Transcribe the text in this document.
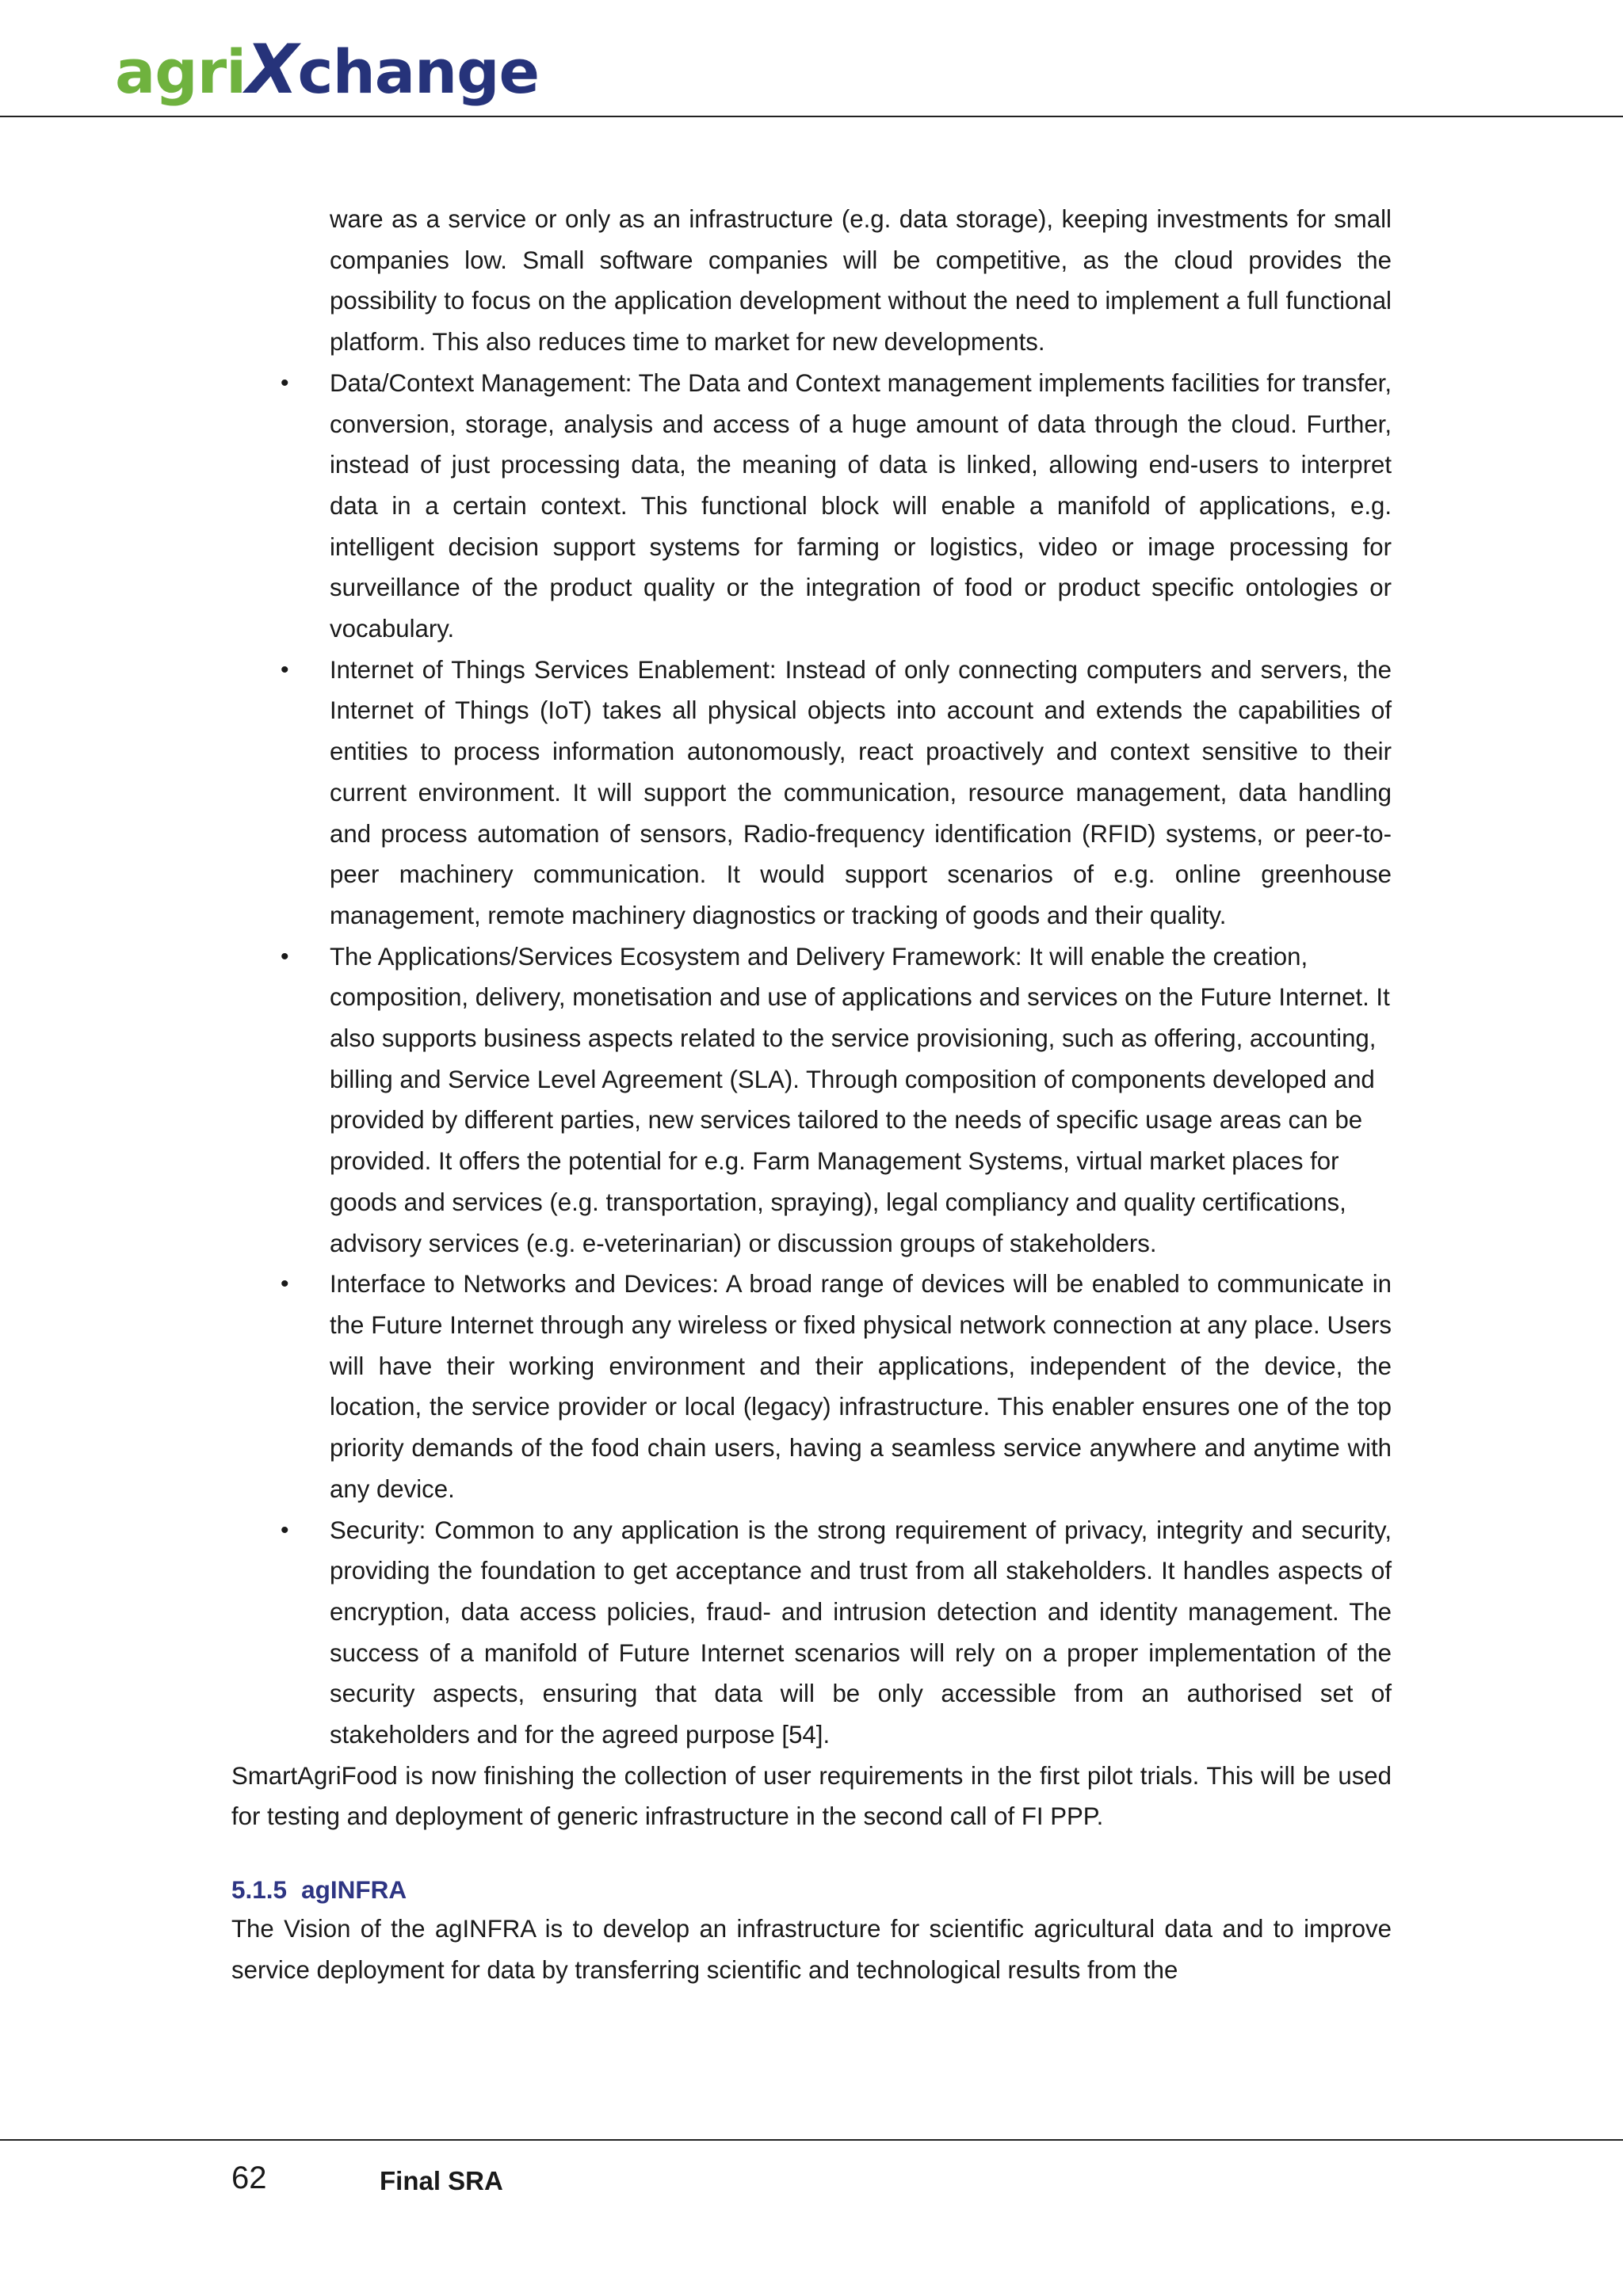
agriXchange

ware as a service or only as an infrastructure (e.g. data storage), keeping investments for small companies low. Small software companies will be competitive, as the cloud provides the possibility to focus on the application development without the need to implement a full functional platform. This also reduces time to market for new developments.

• Data/Context Management: The Data and Context management implements facilities for transfer, conversion, storage, analysis and access of a huge amount of data through the cloud. Further, instead of just processing data, the meaning of data is linked, allowing end-users to interpret data in a certain context. This functional block will enable a manifold of applications, e.g. intelligent decision support systems for farming or logistics, video or image processing for surveillance of the product quality or the integration of food or product specific ontologies or vocabulary.
• Internet of Things Services Enablement: Instead of only connecting computers and servers, the Internet of Things (IoT) takes all physical objects into account and extends the capabilities of entities to process information autonomously, react proactively and context sensitive to their current environment. It will support the communication, resource management, data handling and process automation of sensors, Radio-frequency identification (RFID) systems, or peer-to-peer machinery communication. It would support scenarios of e.g. online greenhouse management, remote machinery diagnostics or tracking of goods and their quality.
• The Applications/Services Ecosystem and Delivery Framework: It will enable the creation, composition, delivery, monetisation and use of applications and services on the Future Internet. It also supports business aspects related to the service provisioning, such as offering, accounting, billing and Service Level Agreement (SLA). Through composition of components developed and provided by different parties, new services tailored to the needs of specific usage areas can be provided. It offers the potential for e.g. Farm Management Systems, virtual market places for goods and services (e.g. transportation, spraying), legal compliancy and quality certifications, advisory services (e.g. e-veterinarian) or discussion groups of stakeholders.
• Interface to Networks and Devices: A broad range of devices will be enabled to communicate in the Future Internet through any wireless or fixed physical network connection at any place. Users will have their working environment and their applications, independent of the device, the location, the service provider or local (legacy) infrastructure. This enabler ensures one of the top priority demands of the food chain users, having a seamless service anywhere and anytime with any device.
• Security: Common to any application is the strong requirement of privacy, integrity and security, providing the foundation to get acceptance and trust from all stakeholders. It handles aspects of encryption, data access policies, fraud- and intrusion detection and identity management. The success of a manifold of Future Internet scenarios will rely on a proper implementation of the security aspects, ensuring that data will be only accessible from an authorised set of stakeholders and for the agreed purpose [54].

SmartAgriFood is now finishing the collection of user requirements in the first pilot trials. This will be used for testing and deployment of generic infrastructure in the second call of FI PPP.

5.1.5 agINFRA

The Vision of the agINFRA is to develop an infrastructure for scientific agricultural data and to improve service deployment for data by transferring scientific and technological results from the

62	Final SRA
